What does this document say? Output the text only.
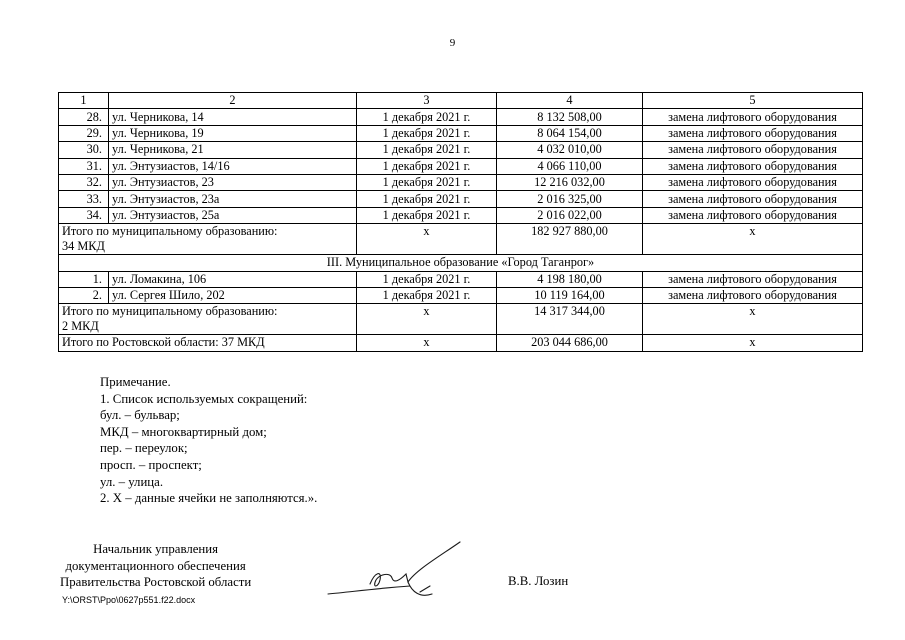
9
1	2	3	4	5
28.	ул. Черникова, 14	1 декабря 2021 г.	8 132 508,00	замена лифтового оборудования
29.	ул. Черникова, 19	1 декабря 2021 г.	8 064 154,00	замена лифтового оборудования
30.	ул. Черникова, 21	1 декабря 2021 г.	4 032 010,00	замена лифтового оборудования
31.	ул. Энтузиастов, 14/16	1 декабря 2021 г.	4 066 110,00	замена лифтового оборудования
32.	ул. Энтузиастов, 23	1 декабря 2021 г.	12 216 032,00	замена лифтового оборудования
33.	ул. Энтузиастов, 23а	1 декабря 2021 г.	2 016 325,00	замена лифтового оборудования
34.	ул. Энтузиастов, 25а	1 декабря 2021 г.	2 016 022,00	замена лифтового оборудования

Итого по муниципальному образованию:
34 МКД		х	182 927 880,00	х
III. Муниципальное образование «Город Таганрог»				
1.	ул. Ломакина, 106	1 декабря 2021 г.	4 198 180,00	замена лифтового оборудования
2.	ул. Сергея Шило, 202	1 декабря 2021 г.	10 119 164,00	замена лифтового оборудования

Итого по муниципальному образованию:
2 МКД		х	14 317 344,00	х
Итого по Ростовской области: 37 МКД		х	203 044 686,00	х
Примечание.
1. Список используемых сокращений:
бул. – бульвар;
МКД – многоквартирный дом;
пер. – переулок;
просп. – проспект;
ул. – улица.
2. Х – данные ячейки не заполняются.».
Начальник управления
документационного обеспечения
Правительства Ростовской области	В.В. Лозин
Y:\ORST\Ppo\0627p551.f22.docx
